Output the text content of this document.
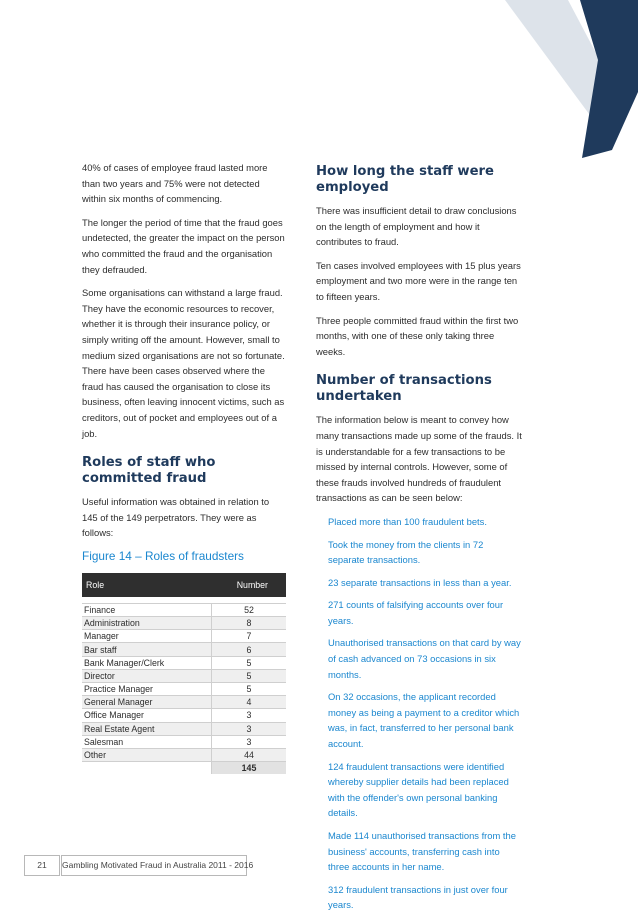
40% of cases of employee fraud lasted more than two years and 75% were not detected within six months of commencing.

The longer the period of time that the fraud goes undetected, the greater the impact on the person who committed the fraud and the organisation they defrauded.

Some organisations can withstand a large fraud. They have the economic resources to recover, whether it is through their insurance policy, or simply writing off the amount. However, small to medium sized organisations are not so fortunate. There have been cases observed where the fraud has caused the organisation to close its business, often leaving innocent victims, such as creditors, out of pocket and employees out of a job.

Roles of staff who committed fraud

Useful information was obtained in relation to 145 of the 149 perpetrators. They were as follows:

Figure 14 – Roles of fraudsters
Role	Number

Finance	52
Administration	8
Manager	7
Bar staff	6
Bank Manager/Clerk	5
Director	5
Practice Manager	5
General Manager	4
Office Manager	3
Real Estate Agent	3
Salesman	3
Other	44
	145
How long the staff were employed

There was insufficient detail to draw conclusions on the length of employment and how it contributes to fraud.

Ten cases involved employees with 15 plus years employment and two more were in the range ten to fifteen years.

Three people committed fraud within the first two months, with one of these only taking three weeks.

Number of transactions undertaken

The information below is meant to convey how many transactions made up some of the frauds. It is understandable for a few transactions to be missed by internal controls. However, some of these frauds involved hundreds of fraudulent transactions as can be seen below:

Placed more than 100 fraudulent bets.
Took the money from the clients in 72 separate transactions.
23 separate transactions in less than a year.
271 counts of falsifying accounts over four years.
Unauthorised transactions on that card by way of cash advanced on 73 occasions in six months.
On 32 occasions, the applicant recorded money as being a payment to a creditor which was, in fact, transferred to her personal bank account.
124 fraudulent transactions were identified whereby supplier details had been replaced with the offender's own personal banking details.
Made 114 unauthorised transactions from the business' accounts, transferring cash into three accounts in her name.
312 fraudulent transactions in just over four years.
21	Gambling Motivated Fraud in Australia 2011 - 2016
